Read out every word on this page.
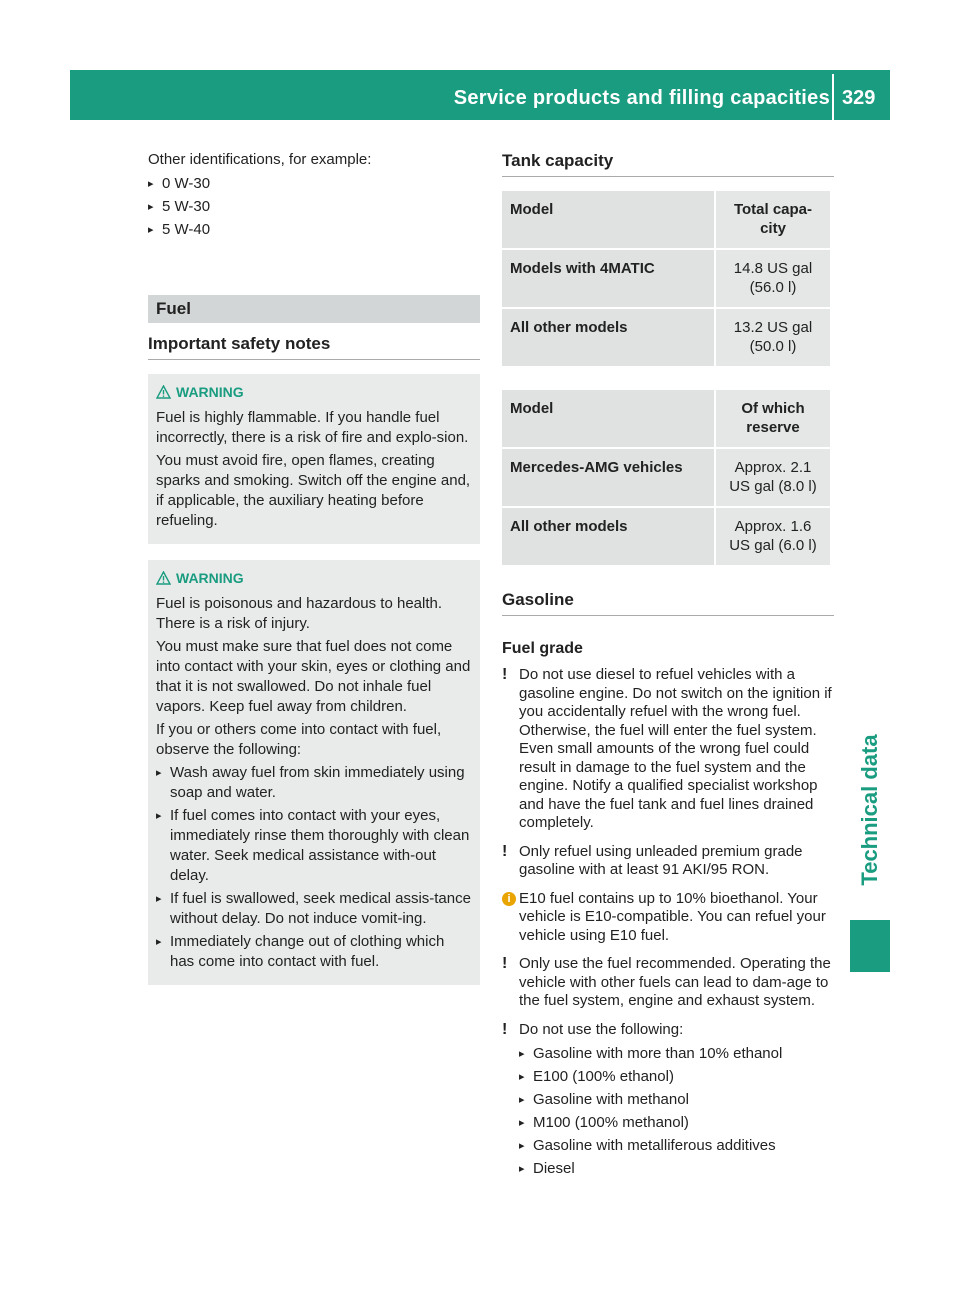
Service products and filling capacities 329
Technical data

Other identifications, for example:

▸ 0 W-30
▸ 5 W-30
▸ 5 W-40
Fuel
Important safety notes
WARNING

Fuel is highly flammable. If you handle fuel incorrectly, there is a risk of fire and explo-sion.

You must avoid fire, open flames, creating sparks and smoking. Switch off the engine and, if applicable, the auxiliary heating before refueling.

WARNING

Fuel is poisonous and hazardous to health. There is a risk of injury.

You must make sure that fuel does not come into contact with your skin, eyes or clothing and that it is not swallowed. Do not inhale fuel vapors. Keep fuel away from children.

If you or others come into contact with fuel, observe the following:

▸ Wash away fuel from skin immediately using soap and water.
▸ If fuel comes into contact with your eyes, immediately rinse them thoroughly with clean water. Seek medical assistance with-out delay.
▸ If fuel is swallowed, seek medical assis-tance without delay. Do not induce vomit-ing.
▸ Immediately change out of clothing which has come into contact with fuel.
Tank capacity
Model	Total capa-city
Models with 4MATIC	14.8 US gal (56.0 l)
All other models	13.2 US gal (50.0 l)
Model	Of which reserve
Mercedes-AMG vehicles	Approx. 2.1 US gal (8.0 l)
All other models	Approx. 1.6 US gal (6.0 l)
Gasoline
Fuel grade
! Do not use diesel to refuel vehicles with a gasoline engine. Do not switch on the ignition if you accidentally refuel with the wrong fuel. Otherwise, the fuel will enter the fuel system. Even small amounts of the wrong fuel could result in damage to the fuel system and the engine. Notify a qualified specialist workshop and have the fuel tank and fuel lines drained completely.
! Only refuel using unleaded premium grade gasoline with at least 91 AKI/95 RON.
i E10 fuel contains up to 10% bioethanol. Your vehicle is E10-compatible. You can refuel your vehicle using E10 fuel.
! Only use the fuel recommended. Operating the vehicle with other fuels can lead to dam-age to the fuel system, engine and exhaust system.
! Do not use the following:
▸ Gasoline with more than 10% ethanol
▸ E100 (100% ethanol)
▸ Gasoline with methanol
▸ M100 (100% methanol)
▸ Gasoline with metalliferous additives
▸ Diesel
